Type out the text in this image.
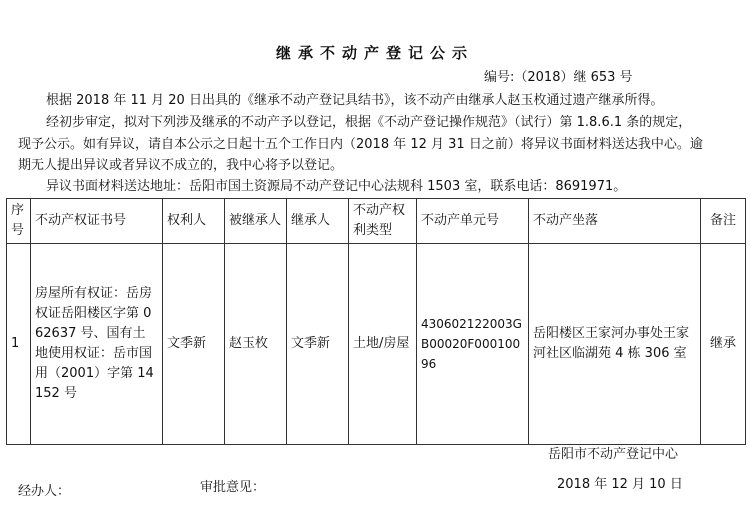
继承不动产登记公示
编号:（2018）继 653 号
根据 2018 年 11 月 20 日出具的《继承不动产登记具结书》，该不动产由继承人赵玉枚通过遗产继承所得。
经初步审定，拟对下列涉及继承的不动产予以登记，根据《不动产登记操作规范》（试行）第 1.8.6.1 条的规定，
现予公示。如有异议，请自本公示之日起十五个工作日内（2018 年 12 月 31 日之前）将异议书面材料送达我中心。逾
期无人提出异议或者异议不成立的，我中心将予以登记。
异议书面材料送达地址：岳阳市国土资源局不动产登记中心法规科 1503 室，联系电话：8691971。
序号	不动产权证书号	权利人	被继承人	继承人	不动产权利类型	不动产单元号	不动产坐落	备注
1	房屋所有权证：岳房权证岳阳楼区字第 062637 号、国有土地使用权证：岳市国用（2001）字第 14152 号	文季新	赵玉枚	文季新	土地/房屋	430602122003GB00020F00010096	岳阳楼区王家河办事处王家河社区临湖苑 4 栋 306 室	继承
岳阳市不动产登记中心
经办人：	审批意见：	2018 年 12 月 10 日
